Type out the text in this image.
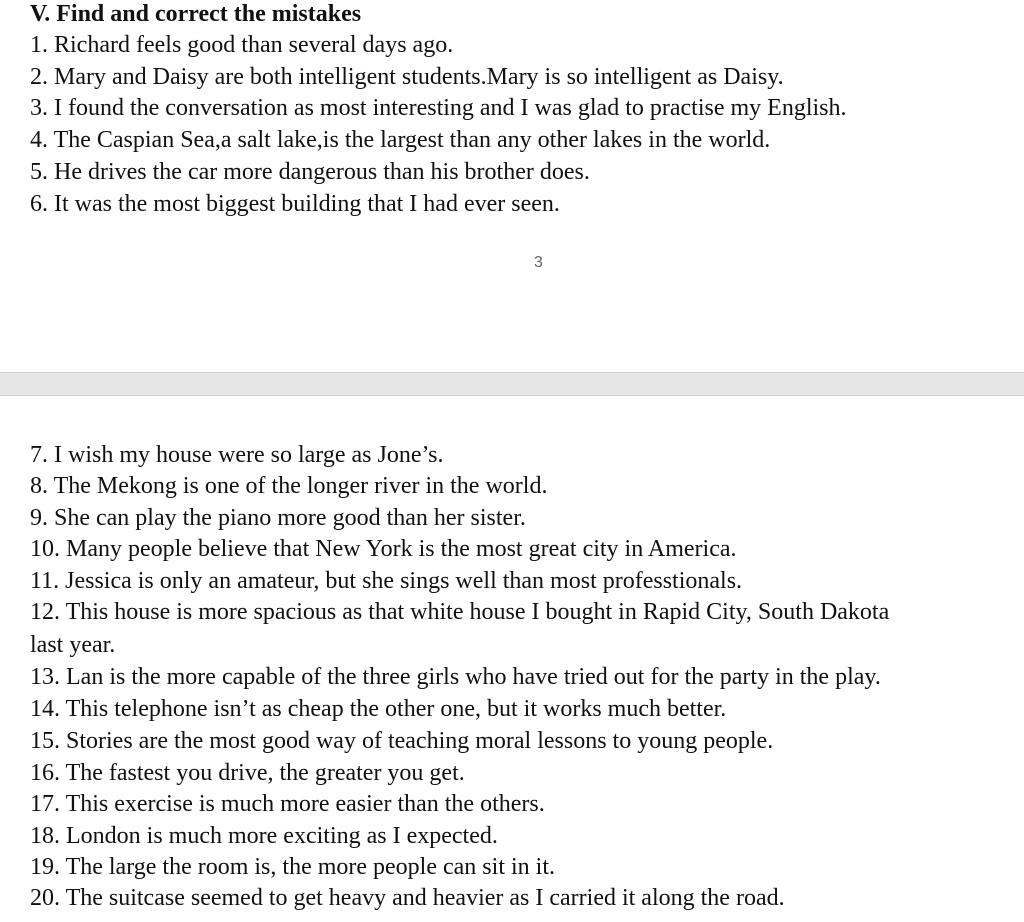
V. Find and correct the mistakes
1. Richard feels good than several days ago.
2. Mary and Daisy are both intelligent students.Mary is so intelligent as Daisy.
3. I found the conversation as most interesting and I was glad to practise my English.
4. The Caspian Sea,a salt lake,is the largest than any other lakes in the world.
5. He drives the car more dangerous than his brother does.
6. It was the most biggest building that I had ever seen.
3
7. I wish my house were so large as Jone’s.
8. The Mekong is one of the longer river in the world.
9. She can play the piano more good than her sister.
10. Many people believe that New York is the most great city in America.
11. Jessica is only an amateur, but she sings well than most professtionals.
12. This house is more spacious as that white house I bought in Rapid City, South Dakota
last year.
13. Lan is the more capable of the three girls who have tried out for the party in the play.
14. This telephone isn’t as cheap the other one, but it works much better.
15. Stories are the most good way of teaching moral lessons to young people.
16. The fastest you drive, the greater you get.
17. This exercise is much more easier than the others.
18. London is much more exciting as I expected.
19. The large the room is, the more people can sit in it.
20. The suitcase seemed to get heavy and heavier as I carried it along the road.
